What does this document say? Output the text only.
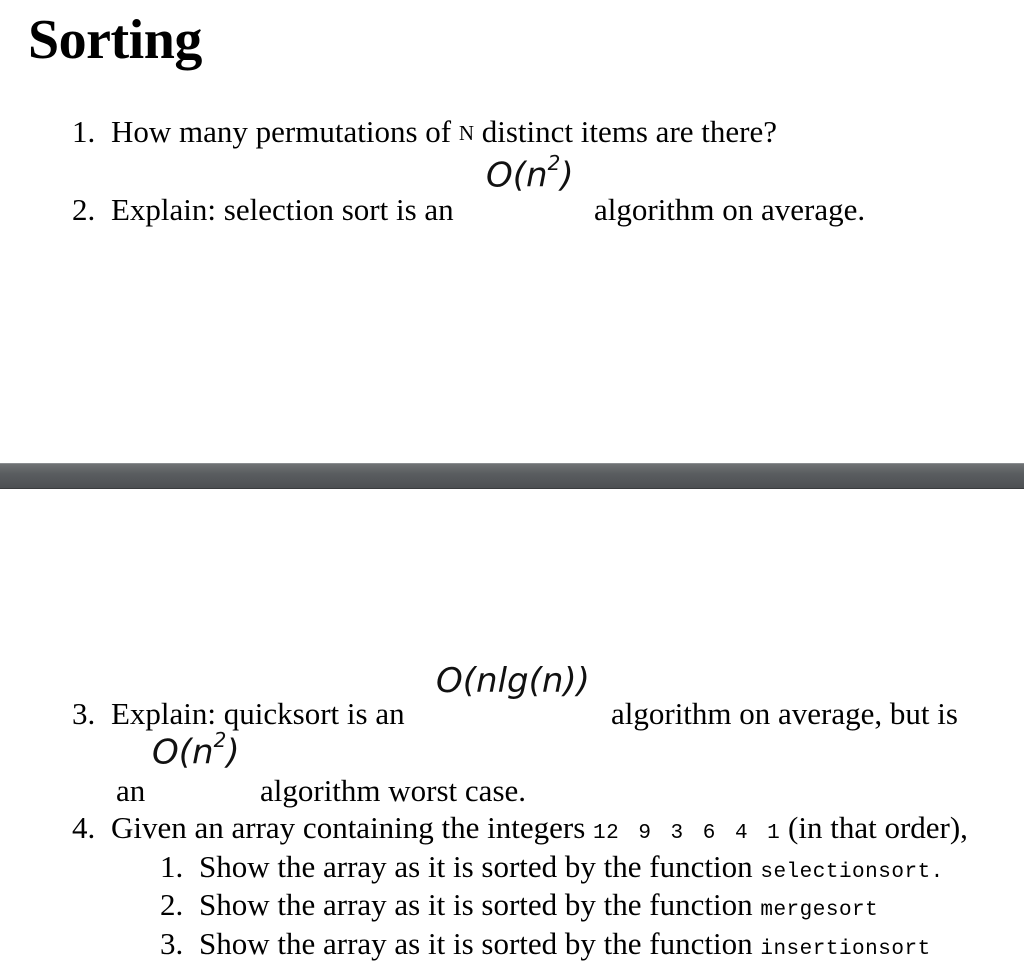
Sorting
1. How many permutations of N distinct items are there?
2. Explain: selection sort is an
$O(n^2)$
algorithm on average.
O(nlg(n))
3. Explain: quicksort is an	algorithm on average, but is
$O(n^2)$
an	algorithm worst case.
4. Given an array containing the integers 12 9 3 6 4 1 (in that order),
1. Show the array as it is sorted by the function selectionsort.
2. Show the array as it is sorted by the function mergesort
3. Show the array as it is sorted by the function insertionsort
